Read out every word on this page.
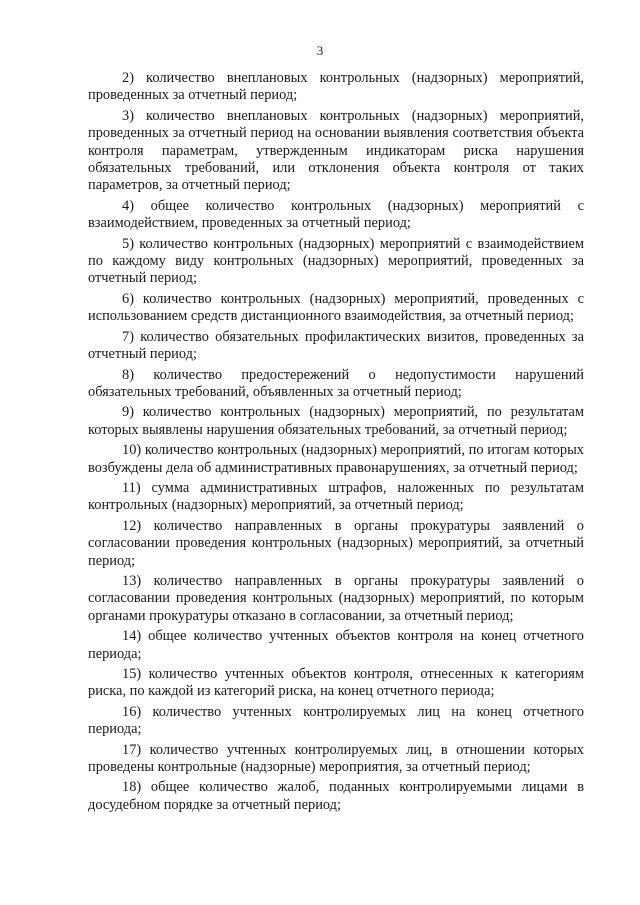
3

2) количество внеплановых контрольных (надзорных) мероприятий, проведенных за отчетный период;

3) количество внеплановых контрольных (надзорных) мероприятий, проведенных за отчетный период на основании выявления соответствия объекта контроля параметрам, утвержденным индикаторам риска нарушения обязательных требований, или отклонения объекта контроля от таких параметров, за отчетный период;

4) общее количество контрольных (надзорных) мероприятий с взаимодействием, проведенных за отчетный период;

5) количество контрольных (надзорных) мероприятий с взаимодействием по каждому виду контрольных (надзорных) мероприятий, проведенных за отчетный период;

6) количество контрольных (надзорных) мероприятий, проведенных с использованием средств дистанционного взаимодействия, за отчетный период;

7) количество обязательных профилактических визитов, проведенных за отчетный период;

8) количество предостережений о недопустимости нарушений обязательных требований, объявленных за отчетный период;

9) количество контрольных (надзорных) мероприятий, по результатам которых выявлены нарушения обязательных требований, за отчетный период;

10) количество контрольных (надзорных) мероприятий, по итогам которых возбуждены дела об административных правонарушениях, за отчетный период;

11) сумма административных штрафов, наложенных по результатам контрольных (надзорных) мероприятий, за отчетный период;

12) количество направленных в органы прокуратуры заявлений о согласовании проведения контрольных (надзорных) мероприятий, за отчетный период;

13) количество направленных в органы прокуратуры заявлений о согласовании проведения контрольных (надзорных) мероприятий, по которым органами прокуратуры отказано в согласовании, за отчетный период;

14) общее количество учтенных объектов контроля на конец отчетного периода;

15) количество учтенных объектов контроля, отнесенных к категориям риска, по каждой из категорий риска, на конец отчетного периода;

16) количество учтенных контролируемых лиц на конец отчетного периода;

17) количество учтенных контролируемых лиц, в отношении которых проведены контрольные (надзорные) мероприятия, за отчетный период;

18) общее количество жалоб, поданных контролируемыми лицами в досудебном порядке за отчетный период;
